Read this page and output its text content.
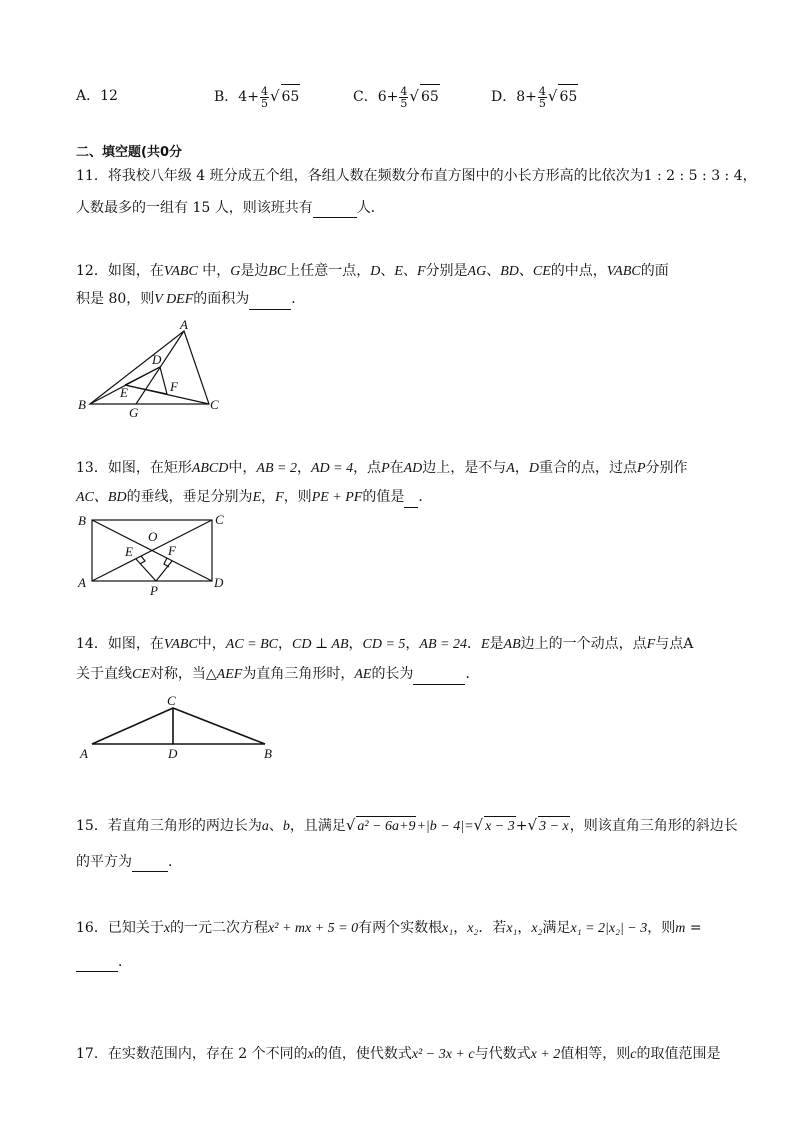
A．12	B．$4+ \frac{4}{5}$ √ 65	C．$6+ \frac{4}{5}$ √ 65	D．$8+ \frac{4}{5}$ √ 65
二、填空题(共0分
11．将我校八年级 4 班分成五个组，各组人数在频数分布直方图中的小长方形高的比依次为1 : 2 : 5 : 3 : 4，
人数最多的一组有 15 人，则该班共有	人．
12．如图，在VABC 中，G是边BC上任意一点，D、E、F分别是AG、BD、CE的中点，VABC的面
积是 80，则V DEF的面积为	．
A
B	C
D
E	F
G
13．如图，在矩形ABCD中，AB = 2，AD = 4，点P在AD边上，是不与A，D重合的点，过点P分别作
AC、BD的垂线，垂足分别为E，F，则PE + PF的值是 ．
B	C
A	D
O
E	F
P
14．如图，在VABC中，AC = BC，CD ⊥ AB，CD = 5，AB = 24．E是AB边上的一个动点，点F与点A
关于直线CE对称，当△AEF为直角三角形时，AE的长为	．
C
A	D	B
15．若直角三角形的两边长为a、b，且满足√ a² − 6a+9+|b − 4|=√ x − 3+√ 3 − x，则该直角三角形的斜边长
的平方为	．
16．已知关于x的一元二次方程x² + mx + 5 = 0有两个实数根x₁，x₂．若x₁，x₂满足x₁ = 2|x₂| − 3，则m =
．
17．在实数范围内，存在 2 个不同的x的值，使代数式x² − 3x + c与代数式x + 2值相等，则c的取值范围是
